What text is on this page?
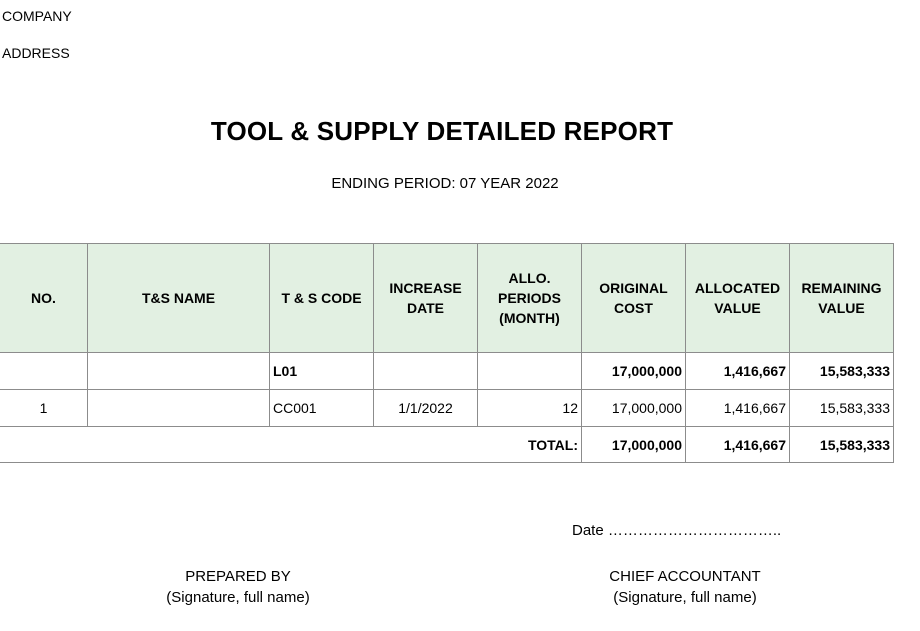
COMPANY
ADDRESS
TOOL & SUPPLY DETAILED REPORT
ENDING PERIOD: 07 YEAR 2022
NO.	T&S NAME	T & S CODE	INCREASE DATE	ALLO. PERIODS (MONTH)	ORIGINAL COST	ALLOCATED VALUE	REMAINING VALUE
		L01			17,000,000	1,416,667	15,583,333
1		CC001	1/1/2022	12	17,000,000	1,416,667	15,583,333
TOTAL:					17,000,000	1,416,667	15,583,333
Date ……………………………..
PREPARED BY
(Signature, full name)
CHIEF ACCOUNTANT
(Signature, full name)
